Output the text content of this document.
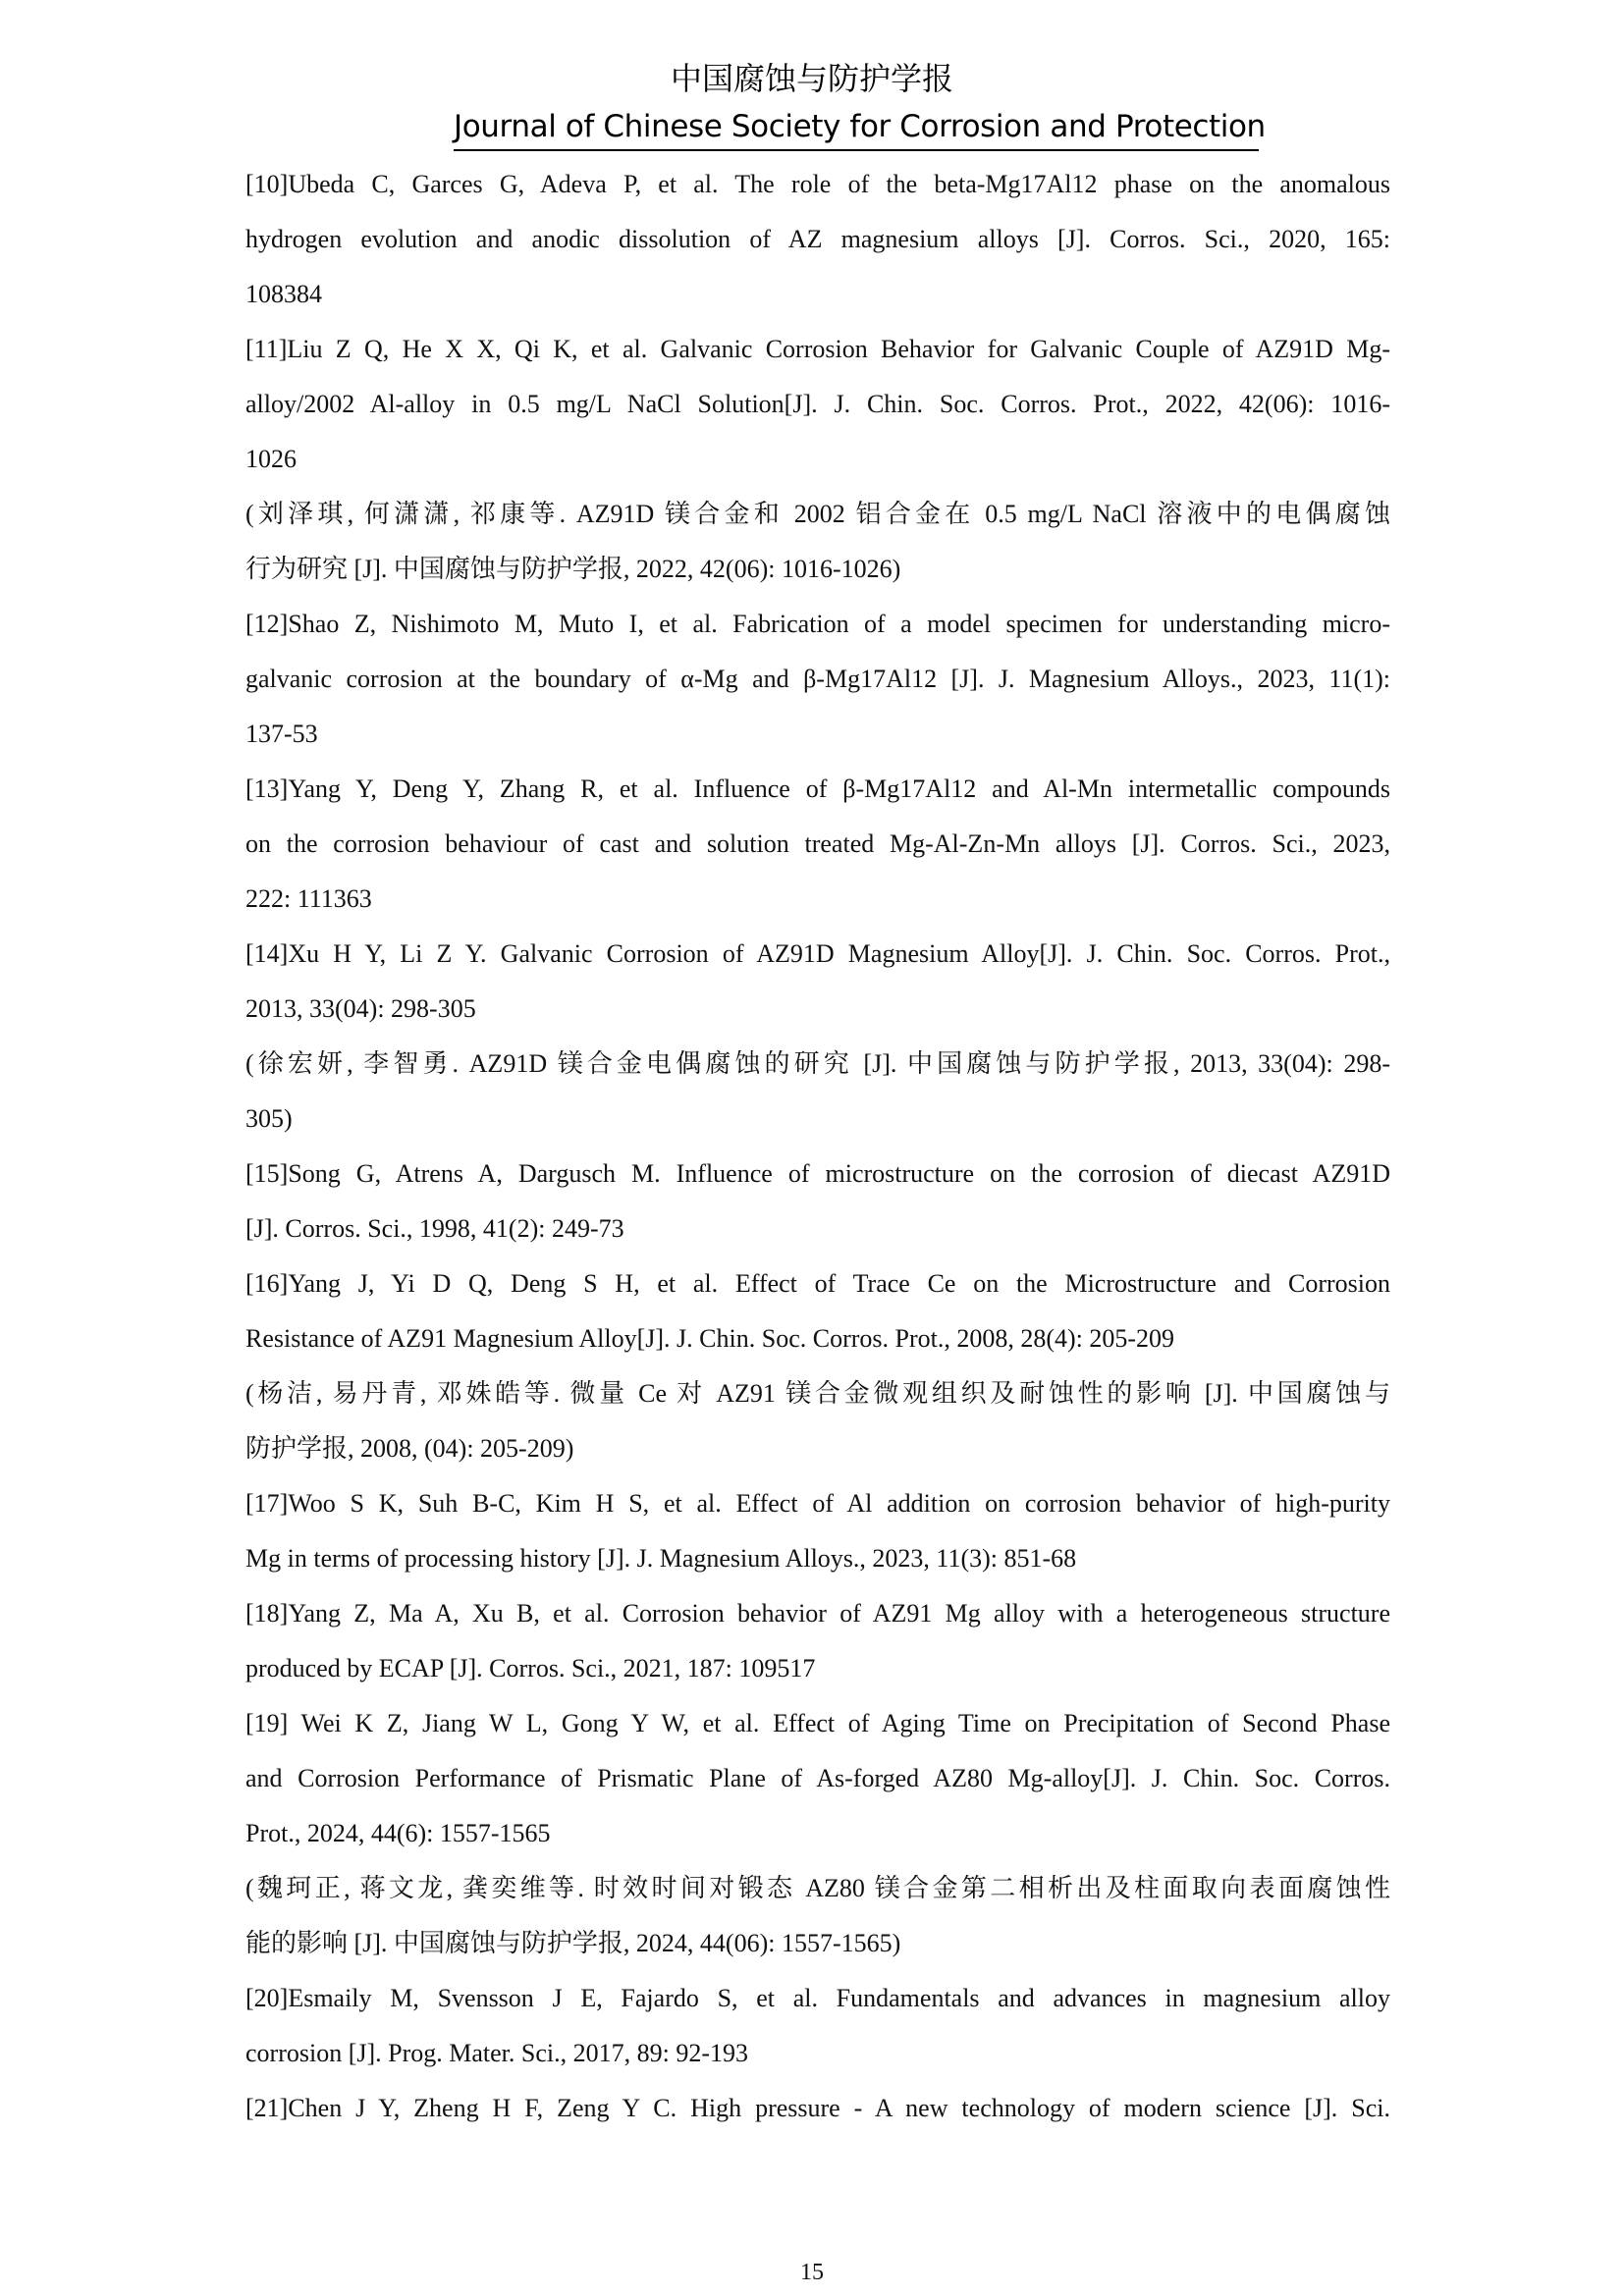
中国腐蚀与防护学报
Journal of Chinese Society for Corrosion and Protection
[10]Ubeda C, Garces G, Adeva P, et al. The role of the beta-Mg17Al12 phase on the anomalous
hydrogen evolution and anodic dissolution of AZ magnesium alloys [J]. Corros. Sci., 2020, 165:
108384
[11]Liu Z Q, He X X, Qi K, et al. Galvanic Corrosion Behavior for Galvanic Couple of AZ91D Mg-
alloy/2002 Al-alloy in 0.5 mg/L NaCl Solution[J]. J. Chin. Soc. Corros. Prot., 2022, 42(06): 1016-
1026
(刘泽琪, 何潇潇, 祁康等. AZ91D 镁合金和 2002 铝合金在 0.5 mg/L NaCl 溶液中的电偶腐蚀
行为研究 [J]. 中国腐蚀与防护学报, 2022, 42(06): 1016-1026)
[12]Shao Z, Nishimoto M, Muto I, et al. Fabrication of a model specimen for understanding micro-
galvanic corrosion at the boundary of α-Mg and β-Mg17Al12 [J]. J. Magnesium Alloys., 2023, 11(1):
137-53
[13]Yang Y, Deng Y, Zhang R, et al. Influence of β-Mg17Al12 and Al-Mn intermetallic compounds
on the corrosion behaviour of cast and solution treated Mg-Al-Zn-Mn alloys [J]. Corros. Sci., 2023,
222: 111363
[14]Xu H Y, Li Z Y. Galvanic Corrosion of AZ91D Magnesium Alloy[J]. J. Chin. Soc. Corros. Prot.,
2013, 33(04): 298-305
(徐宏妍, 李智勇. AZ91D 镁合金电偶腐蚀的研究 [J]. 中国腐蚀与防护学报, 2013, 33(04): 298-
305)
[15]Song G, Atrens A, Dargusch M. Influence of microstructure on the corrosion of diecast AZ91D
[J]. Corros. Sci., 1998, 41(2): 249-73
[16]Yang J, Yi D Q, Deng S H, et al. Effect of Trace Ce on the Microstructure and Corrosion
Resistance of AZ91 Magnesium Alloy[J]. J. Chin. Soc. Corros. Prot., 2008, 28(4): 205-209
(杨洁, 易丹青, 邓姝皓等. 微量 Ce 对 AZ91 镁合金微观组织及耐蚀性的影响 [J]. 中国腐蚀与
防护学报, 2008, (04): 205-209)
[17]Woo S K, Suh B-C, Kim H S, et al. Effect of Al addition on corrosion behavior of high-purity
Mg in terms of processing history [J]. J. Magnesium Alloys., 2023, 11(3): 851-68
[18]Yang Z, Ma A, Xu B, et al. Corrosion behavior of AZ91 Mg alloy with a heterogeneous structure
produced by ECAP [J]. Corros. Sci., 2021, 187: 109517
[19] Wei K Z, Jiang W L, Gong Y W, et al. Effect of Aging Time on Precipitation of Second Phase
and Corrosion Performance of Prismatic Plane of As-forged AZ80 Mg-alloy[J]. J. Chin. Soc. Corros.
Prot., 2024, 44(6): 1557-1565
(魏珂正, 蒋文龙, 龚奕维等. 时效时间对锻态 AZ80 镁合金第二相析出及柱面取向表面腐蚀性
能的影响 [J]. 中国腐蚀与防护学报, 2024, 44(06): 1557-1565)
[20]Esmaily M, Svensson J E, Fajardo S, et al. Fundamentals and advances in magnesium alloy
corrosion [J]. Prog. Mater. Sci., 2017, 89: 92-193
[21]Chen J Y, Zheng H F, Zeng Y C. High pressure - A new technology of modern science [J]. Sci.
15
